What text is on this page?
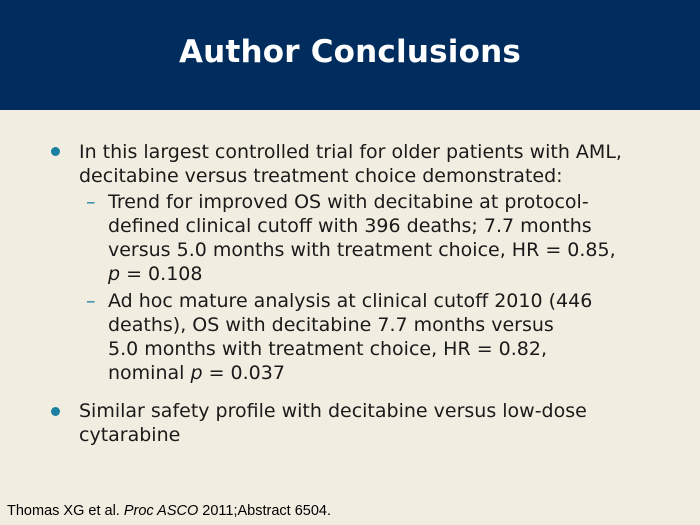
Author Conclusions
In this largest controlled trial for older patients with AML,
decitabine versus treatment choice demonstrated:
– Trend for improved OS with decitabine at protocol-
defined clinical cutoff with 396 deaths; 7.7 months
versus 5.0 months with treatment choice, HR = 0.85,
p = 0.108
– Ad hoc mature analysis at clinical cutoff 2010 (446
deaths), OS with decitabine 7.7 months versus
5.0 months with treatment choice, HR = 0.82,
nominal p = 0.037
Similar safety profile with decitabine versus low-dose
cytarabine
Thomas XG et al. Proc ASCO 2011;Abstract 6504.
